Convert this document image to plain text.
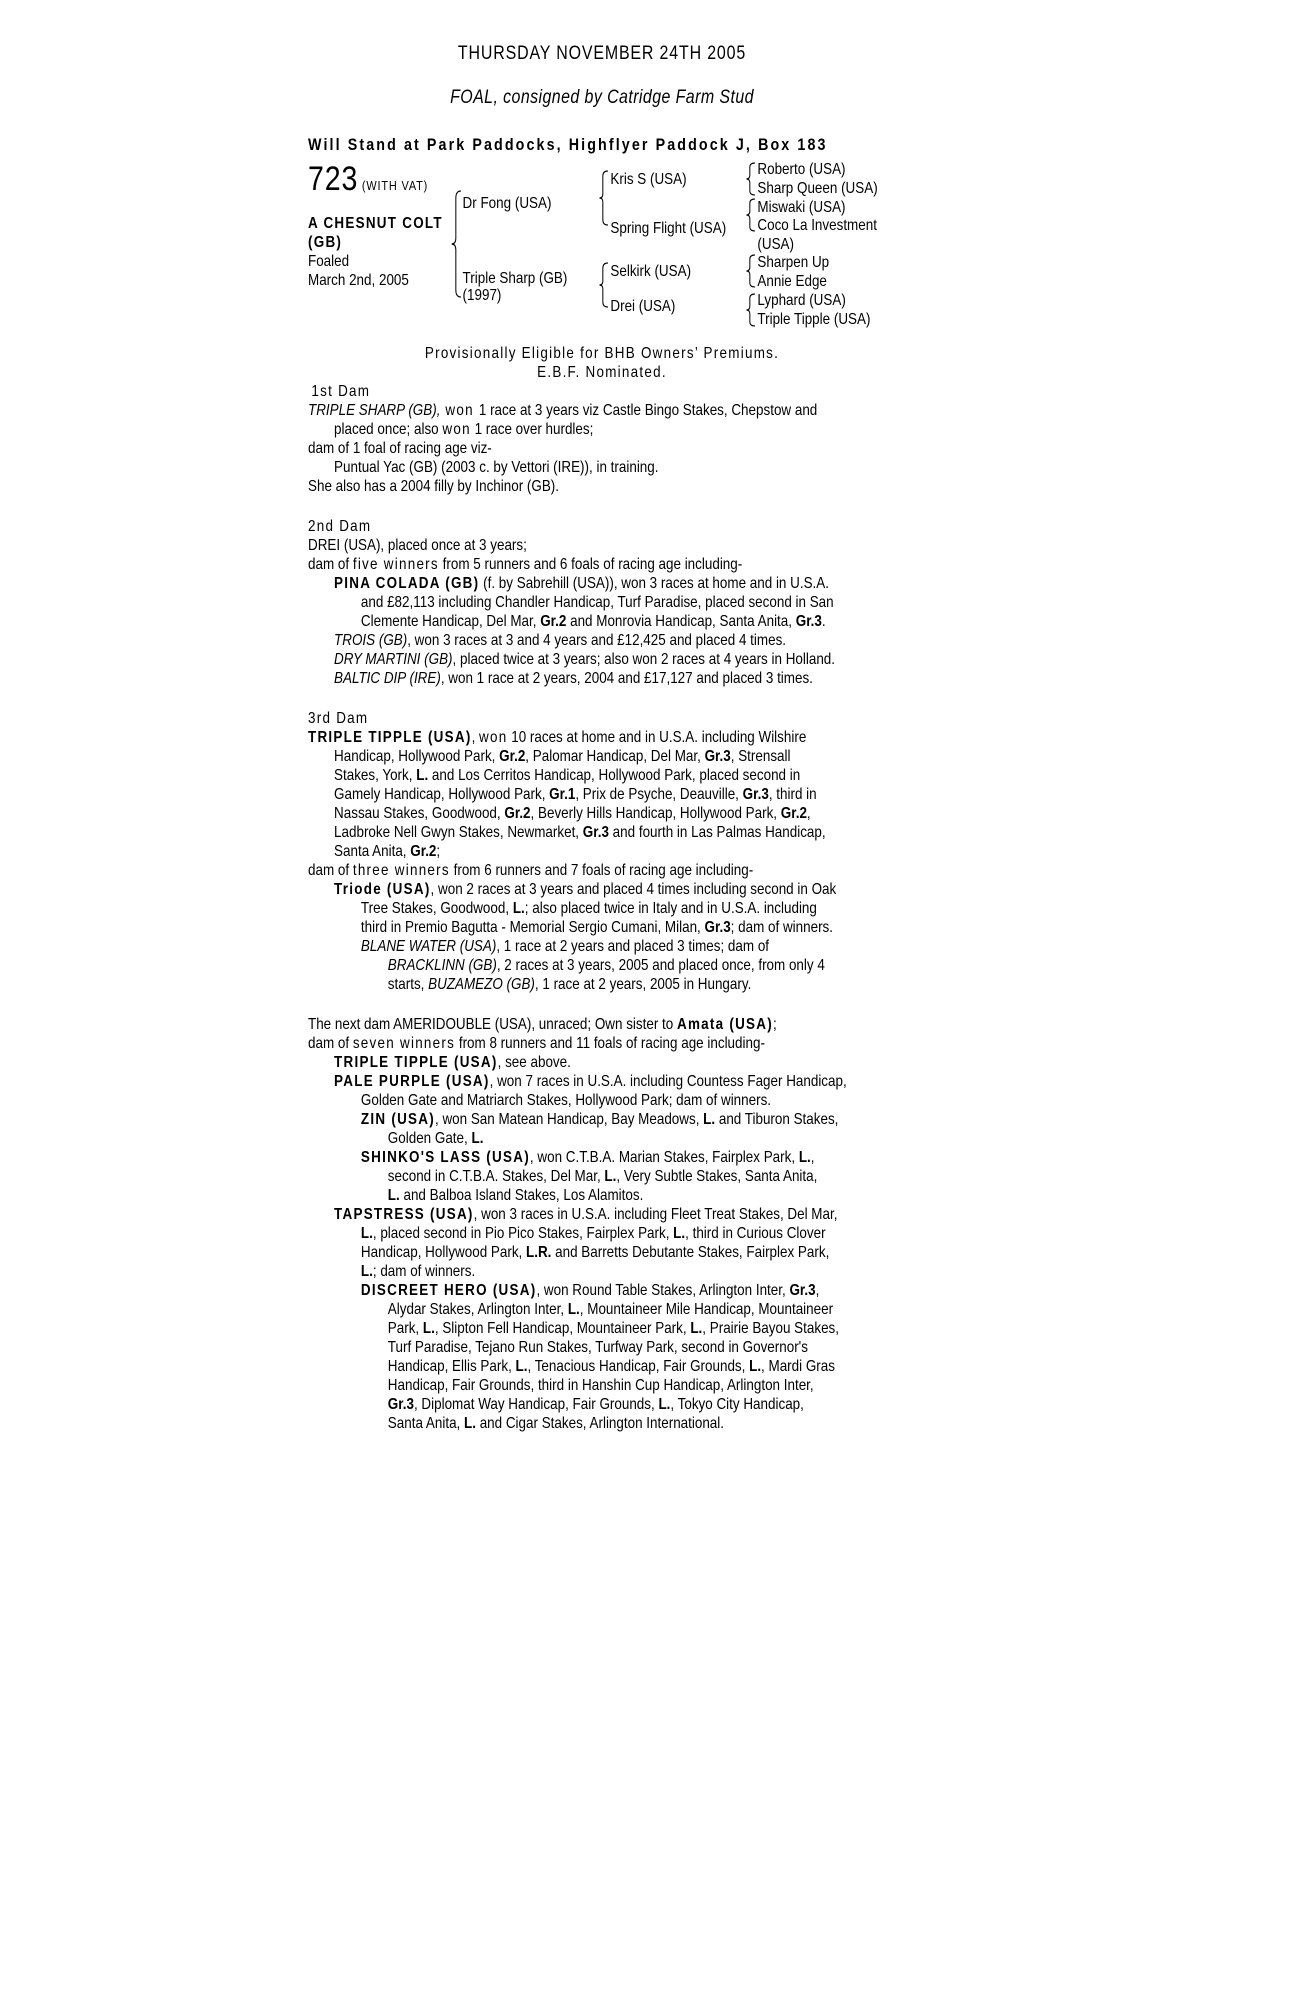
THURSDAY NOVEMBER 24TH 2005
FOAL, consigned by Catridge Farm Stud
Will Stand at Park Paddocks, Highflyer Paddock J, Box 183
723 (WITH VAT)
A CHESNUT COLT
(GB)
Foaled
March 2nd, 2005
Dr Fong (USA)
Triple Sharp (GB)
(1997)
Kris S (USA)
Spring Flight (USA)
Selkirk (USA)
Drei (USA)
Roberto (USA)
Sharp Queen (USA)
Miswaki (USA)
Coco La Investment
(USA)
Sharpen Up
Annie Edge
Lyphard (USA)
Triple Tipple (USA)
Provisionally Eligible for BHB Owners’ Premiums.
E.B.F. Nominated.
1st Dam
TRIPLE SHARP (GB), won 1 race at 3 years viz Castle Bingo Stakes, Chepstow and
placed once; also won 1 race over hurdles;
dam of 1 foal of racing age viz-
Puntual Yac (GB) (2003 c. by Vettori (IRE)), in training.
She also has a 2004 filly by Inchinor (GB).
2nd Dam
DREI (USA), placed once at 3 years;
dam of five winners from 5 runners and 6 foals of racing age including-
PINA COLADA (GB) (f. by Sabrehill (USA)), won 3 races at home and in U.S.A.
and £82,113 including Chandler Handicap, Turf Paradise, placed second in San
Clemente Handicap, Del Mar, Gr.2 and Monrovia Handicap, Santa Anita, Gr.3.
TROIS (GB), won 3 races at 3 and 4 years and £12,425 and placed 4 times.
DRY MARTINI (GB), placed twice at 3 years; also won 2 races at 4 years in Holland.
BALTIC DIP (IRE), won 1 race at 2 years, 2004 and £17,127 and placed 3 times.
3rd Dam
TRIPLE TIPPLE (USA), won 10 races at home and in U.S.A. including Wilshire
Handicap, Hollywood Park, Gr.2, Palomar Handicap, Del Mar, Gr.3, Strensall
Stakes, York, L. and Los Cerritos Handicap, Hollywood Park, placed second in
Gamely Handicap, Hollywood Park, Gr.1, Prix de Psyche, Deauville, Gr.3, third in
Nassau Stakes, Goodwood, Gr.2, Beverly Hills Handicap, Hollywood Park, Gr.2,
Ladbroke Nell Gwyn Stakes, Newmarket, Gr.3 and fourth in Las Palmas Handicap,
Santa Anita, Gr.2;
dam of three winners from 6 runners and 7 foals of racing age including-
Triode (USA), won 2 races at 3 years and placed 4 times including second in Oak
Tree Stakes, Goodwood, L.; also placed twice in Italy and in U.S.A. including
third in Premio Bagutta - Memorial Sergio Cumani, Milan, Gr.3; dam of winners.
BLANE WATER (USA), 1 race at 2 years and placed 3 times; dam of
BRACKLINN (GB), 2 races at 3 years, 2005 and placed once, from only 4
starts, BUZAMEZO (GB), 1 race at 2 years, 2005 in Hungary.
The next dam AMERIDOUBLE (USA), unraced; Own sister to Amata (USA);
dam of seven winners from 8 runners and 11 foals of racing age including-
TRIPLE TIPPLE (USA), see above.
PALE PURPLE (USA), won 7 races in U.S.A. including Countess Fager Handicap,
Golden Gate and Matriarch Stakes, Hollywood Park; dam of winners.
ZIN (USA), won San Matean Handicap, Bay Meadows, L. and Tiburon Stakes,
Golden Gate, L.
SHINKO'S LASS (USA), won C.T.B.A. Marian Stakes, Fairplex Park, L.,
second in C.T.B.A. Stakes, Del Mar, L., Very Subtle Stakes, Santa Anita,
L. and Balboa Island Stakes, Los Alamitos.
TAPSTRESS (USA), won 3 races in U.S.A. including Fleet Treat Stakes, Del Mar,
L., placed second in Pio Pico Stakes, Fairplex Park, L., third in Curious Clover
Handicap, Hollywood Park, L.R. and Barretts Debutante Stakes, Fairplex Park,
L.; dam of winners.
DISCREET HERO (USA), won Round Table Stakes, Arlington Inter, Gr.3,
Alydar Stakes, Arlington Inter, L., Mountaineer Mile Handicap, Mountaineer
Park, L., Slipton Fell Handicap, Mountaineer Park, L., Prairie Bayou Stakes,
Turf Paradise, Tejano Run Stakes, Turfway Park, second in Governor's
Handicap, Ellis Park, L., Tenacious Handicap, Fair Grounds, L., Mardi Gras
Handicap, Fair Grounds, third in Hanshin Cup Handicap, Arlington Inter,
Gr.3, Diplomat Way Handicap, Fair Grounds, L., Tokyo City Handicap,
Santa Anita, L. and Cigar Stakes, Arlington International.
